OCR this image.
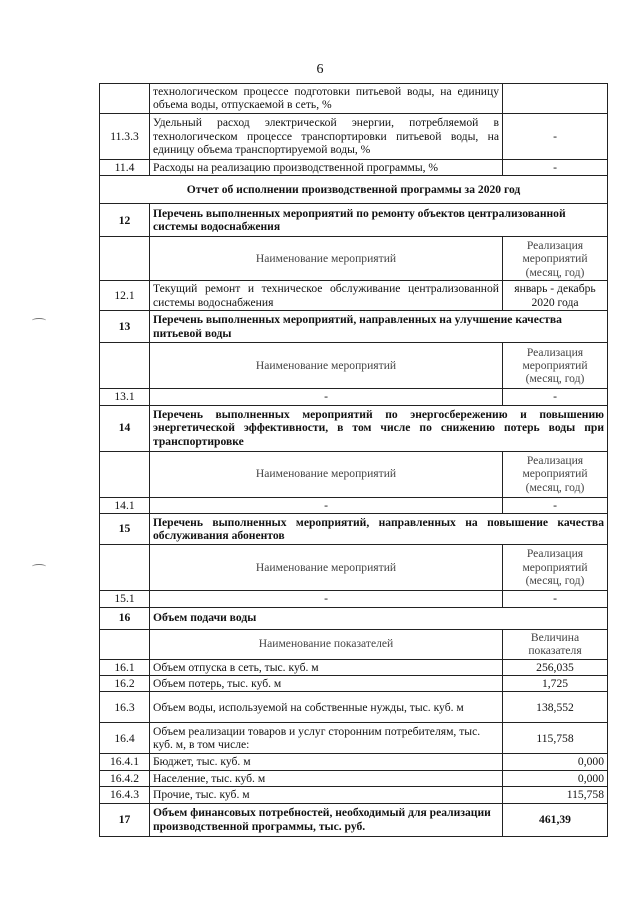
6
	технологическом процессе подготовки питьевой воды, на единицу объема воды, отпускаемой в сеть, %	
11.3.3	Удельный расход электрической энергии, потребляемой в технологическом процессе транспортировки питьевой воды, на единицу объема транспортируемой воды, %	-
11.4	Расходы на реализацию производственной программы, %	-
Отчет об исполнении производственной программы за 2020 год		
12	Перечень выполненных мероприятий по ремонту объектов централизованной системы водоснабжения	
	Наименование мероприятий	Реализация мероприятий (месяц, год)
12.1	Текущий ремонт и техническое обслуживание централизованной системы водоснабжения	январь - декабрь 2020 года
13	Перечень выполненных мероприятий, направленных на улучшение качества питьевой воды	
	Наименование мероприятий	Реализация мероприятий (месяц, год)
13.1	-	-
14	Перечень выполненных мероприятий по энергосбережению и повышению энергетической эффективности, в том числе по снижению потерь воды при транспортировке	
	Наименование мероприятий	Реализация мероприятий (месяц, год)
14.1	-	-
15	Перечень выполненных мероприятий, направленных на повышение качества обслуживания абонентов	
	Наименование мероприятий	Реализация мероприятий (месяц, год)
15.1	-	-
16	Объем подачи воды	
	Наименование показателей	Величина показателя
16.1	Объем отпуска в сеть, тыс. куб. м	256,035
16.2	Объем потерь, тыс. куб. м	1,725
16.3	Объем воды, используемой на собственные нужды, тыс. куб. м	138,552
16.4	Объем реализации товаров и услуг сторонним потребителям, тыс. куб. м, в том числе:	115,758
16.4.1	Бюджет, тыс. куб. м	0,000
16.4.2	Население, тыс. куб. м	0,000
16.4.3	Прочие, тыс. куб. м	115,758
17	Объем финансовых потребностей, необходимый для реализации производственной программы, тыс. руб.	461,39
